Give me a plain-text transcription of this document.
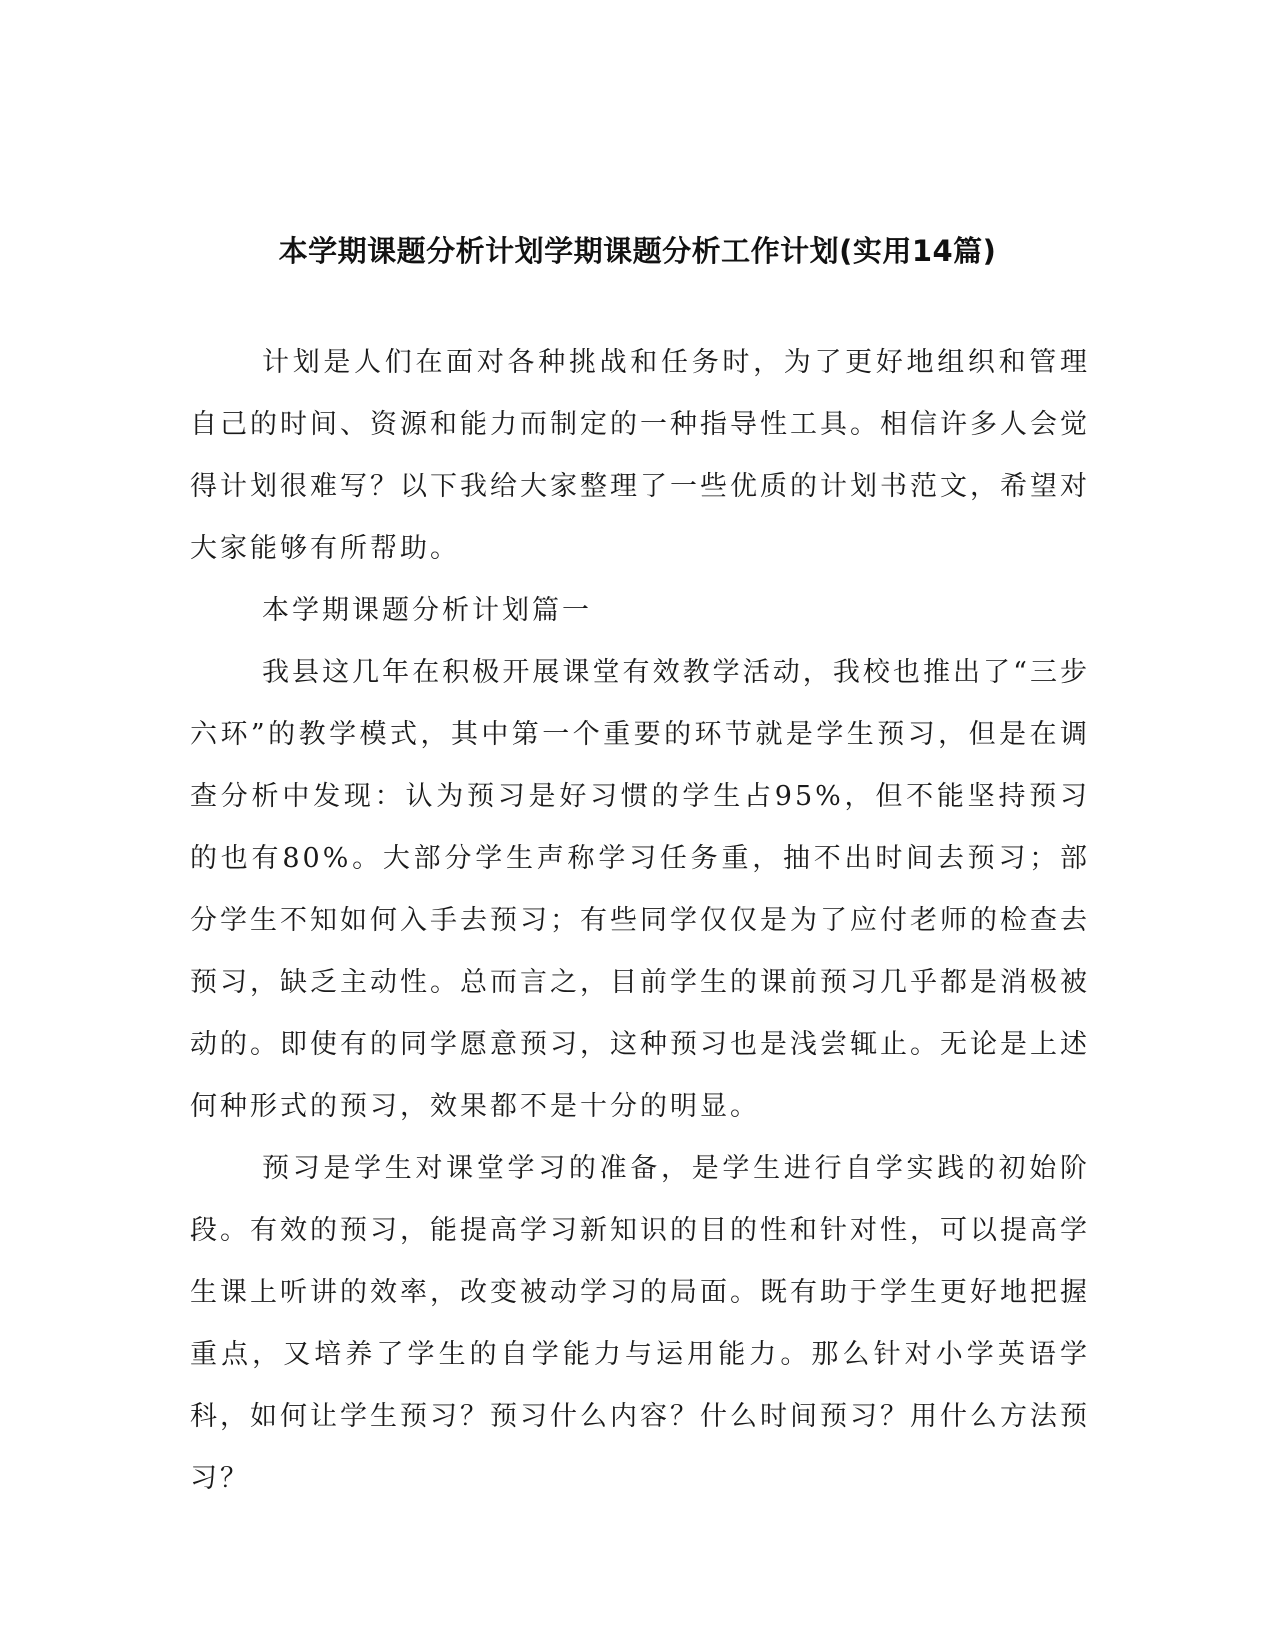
本学期课题分析计划学期课题分析工作计划(实用14篇)

计划是人们在面对各种挑战和任务时，为了更好地组织和管理自己的时间、资源和能力而制定的一种指导性工具。相信许多人会觉得计划很难写？以下我给大家整理了一些优质的计划书范文，希望对大家能够有所帮助。

本学期课题分析计划篇一

我县这几年在积极开展课堂有效教学活动，我校也推出了“三步六环”的教学模式，其中第一个重要的环节就是学生预习，但是在调查分析中发现：认为预习是好习惯的学生占95%，但不能坚持预习的也有80%。大部分学生声称学习任务重，抽不出时间去预习；部分学生不知如何入手去预习；有些同学仅仅是为了应付老师的检查去预习，缺乏主动性。总而言之，目前学生的课前预习几乎都是消极被动的。即使有的同学愿意预习，这种预习也是浅尝辄止。无论是上述何种形式的预习，效果都不是十分的明显。

预习是学生对课堂学习的准备，是学生进行自学实践的初始阶段。有效的预习，能提高学习新知识的目的性和针对性，可以提高学生课上听讲的效率，改变被动学习的局面。既有助于学生更好地把握重点，又培养了学生的自学能力与运用能力。那么针对小学英语学科，如何让学生预习？预习什么内容？什么时间预习？用什么方法预习？
